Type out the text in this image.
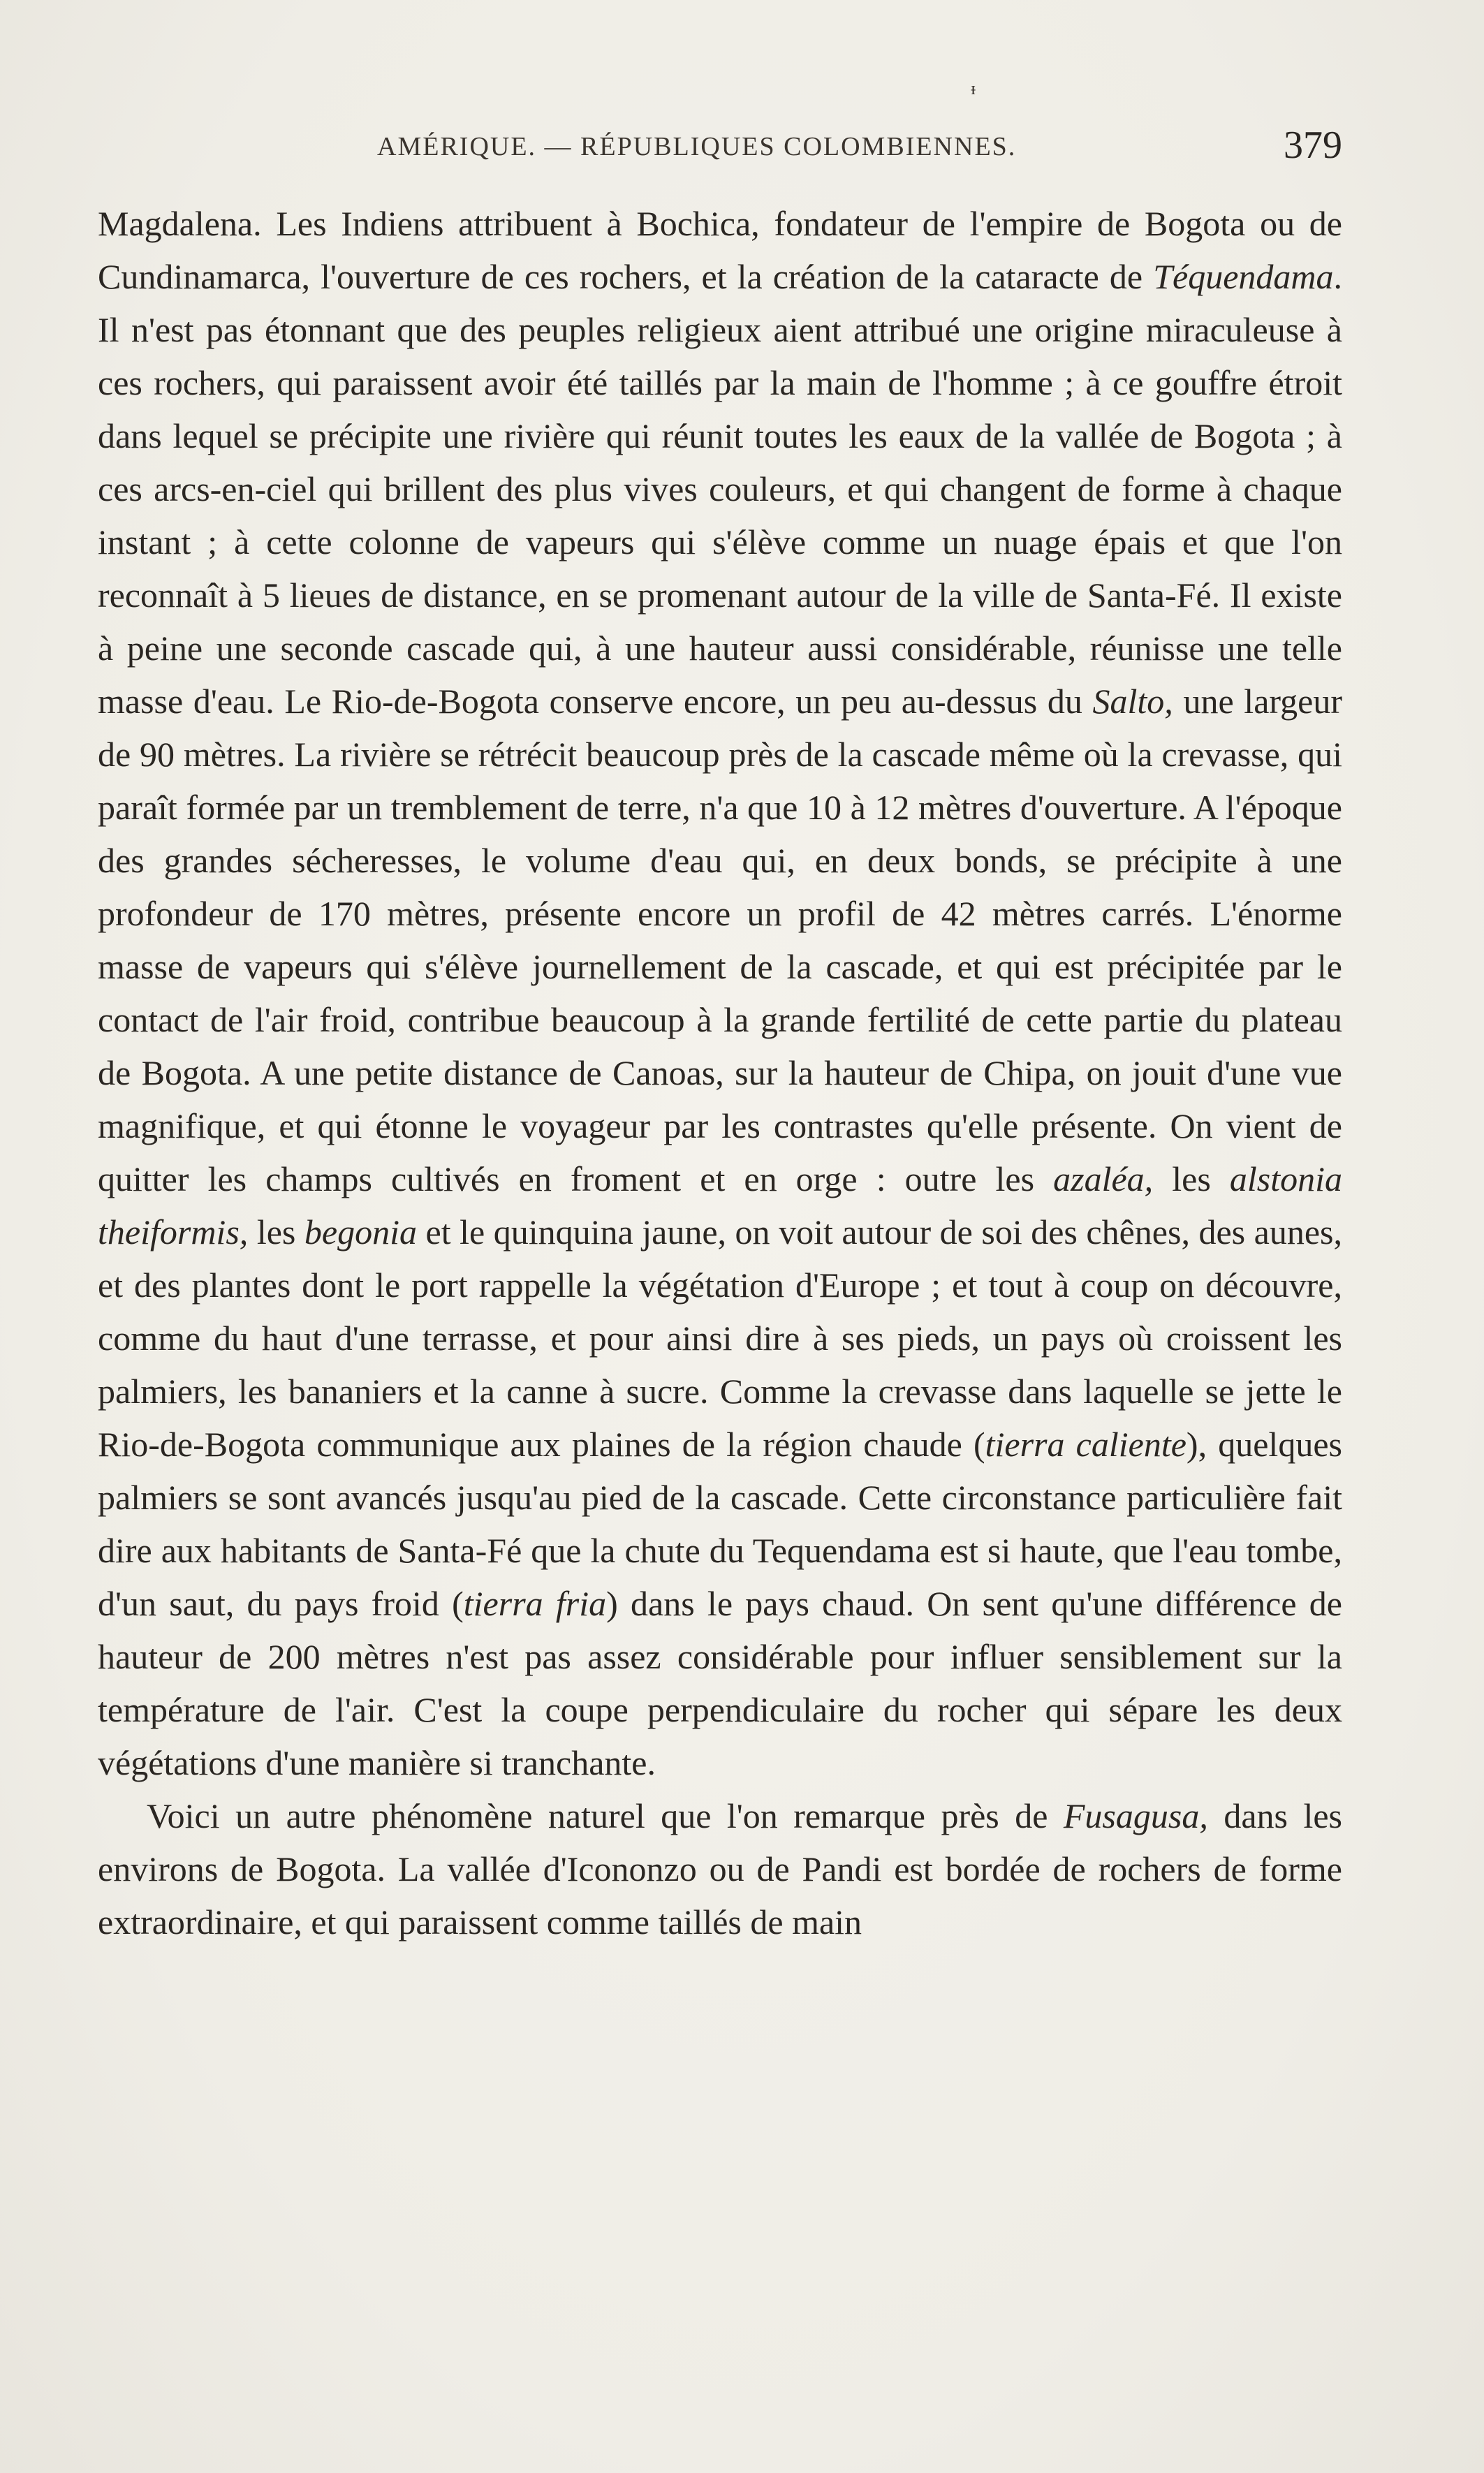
ᵻ
AMÉRIQUE. — RÉPUBLIQUES COLOMBIENNES.	379

Magdalena. Les Indiens attribuent à Bochica, fondateur de l'empire de Bogota ou de Cundinamarca, l'ouverture de ces rochers, et la création de la cataracte de Téquendama. Il n'est pas étonnant que des peuples religieux aient attribué une origine miraculeuse à ces rochers, qui paraissent avoir été taillés par la main de l'homme ; à ce gouffre étroit dans lequel se précipite une rivière qui réunit toutes les eaux de la vallée de Bogota ; à ces arcs-en-ciel qui brillent des plus vives couleurs, et qui changent de forme à chaque instant ; à cette colonne de vapeurs qui s'élève comme un nuage épais et que l'on reconnaît à 5 lieues de distance, en se promenant autour de la ville de Santa-Fé. Il existe à peine une seconde cascade qui, à une hauteur aussi considérable, réunisse une telle masse d'eau. Le Rio-de-Bogota conserve encore, un peu au-dessus du Salto, une largeur de 90 mètres. La rivière se rétrécit beaucoup près de la cascade même où la crevasse, qui paraît formée par un tremblement de terre, n'a que 10 à 12 mètres d'ouverture. A l'époque des grandes sécheresses, le volume d'eau qui, en deux bonds, se précipite à une profondeur de 170 mètres, présente encore un profil de 42 mètres carrés. L'énorme masse de vapeurs qui s'élève journellement de la cascade, et qui est précipitée par le contact de l'air froid, contribue beaucoup à la grande fertilité de cette partie du plateau de Bogota. A une petite distance de Canoas, sur la hauteur de Chipa, on jouit d'une vue magnifique, et qui étonne le voyageur par les contrastes qu'elle présente. On vient de quitter les champs cultivés en froment et en orge : outre les azaléa, les alstonia theiformis, les begonia et le quinquina jaune, on voit autour de soi des chênes, des aunes, et des plantes dont le port rappelle la végétation d'Europe ; et tout à coup on découvre, comme du haut d'une terrasse, et pour ainsi dire à ses pieds, un pays où croissent les palmiers, les bananiers et la canne à sucre. Comme la crevasse dans laquelle se jette le Rio-de-Bogota communique aux plaines de la région chaude (tierra caliente), quelques palmiers se sont avancés jusqu'au pied de la cascade. Cette circonstance particulière fait dire aux habitants de Santa-Fé que la chute du Tequendama est si haute, que l'eau tombe, d'un saut, du pays froid (tierra fria) dans le pays chaud. On sent qu'une différence de hauteur de 200 mètres n'est pas assez considérable pour influer sensiblement sur la température de l'air. C'est la coupe perpendiculaire du rocher qui sépare les deux végétations d'une manière si tranchante.

Voici un autre phénomène naturel que l'on remarque près de Fusagusa, dans les environs de Bogota. La vallée d'Icononzo ou de Pandi est bordée de rochers de forme extraordinaire, et qui paraissent comme taillés de main
